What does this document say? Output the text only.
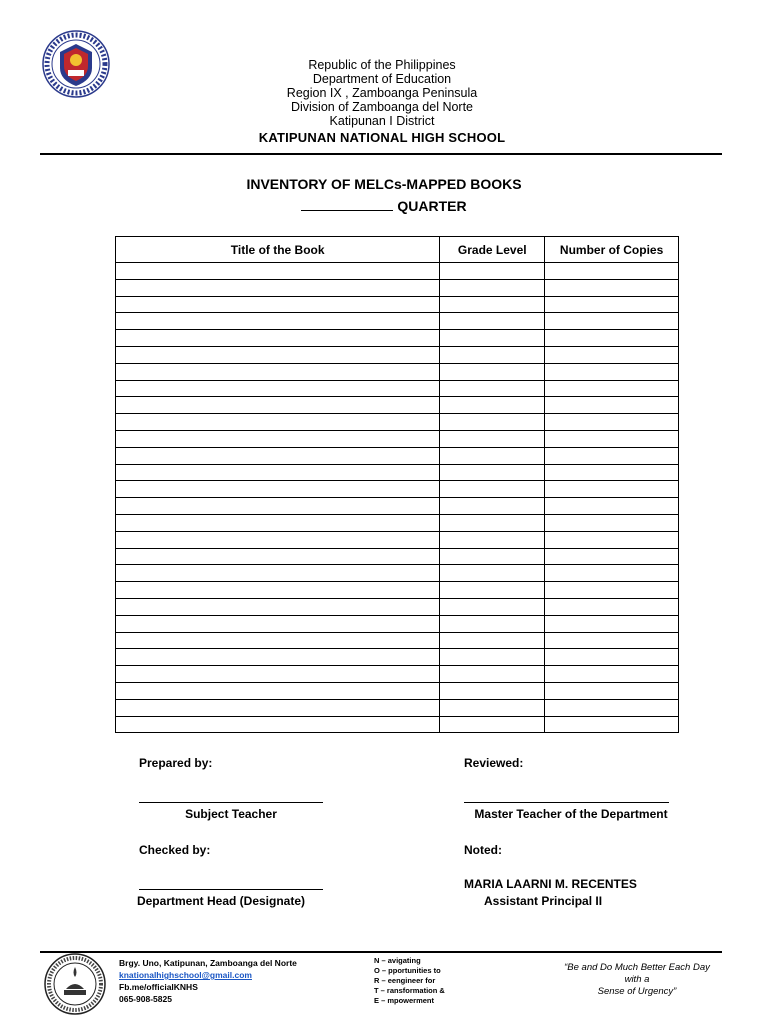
Republic of the Philippines
Department of Education
Region IX , Zamboanga Peninsula
Division of Zamboanga del Norte
Katipunan I District
KATIPUNAN NATIONAL HIGH SCHOOL
INVENTORY OF MELCs-MAPPED BOOKS
QUARTER
Title of the Book	Grade Level	Number of Copies

Prepared by:
Subject Teacher
Reviewed:
Master Teacher of the Department
Checked by:
Department Head (Designate)
Noted:
MARIA LAARNI M. RECENTES
Assistant Principal II
Brgy. Uno, Katipunan, Zamboanga del Norte
knationalhighschool@gmail.com
Fb.me/officialKNHS
065-908-5825
N – avigating
O – pportunities to
R – eengineer for
T – ransformation &
E – mpowerment
“Be and Do Much Better Each Day
with a
Sense of Urgency”
